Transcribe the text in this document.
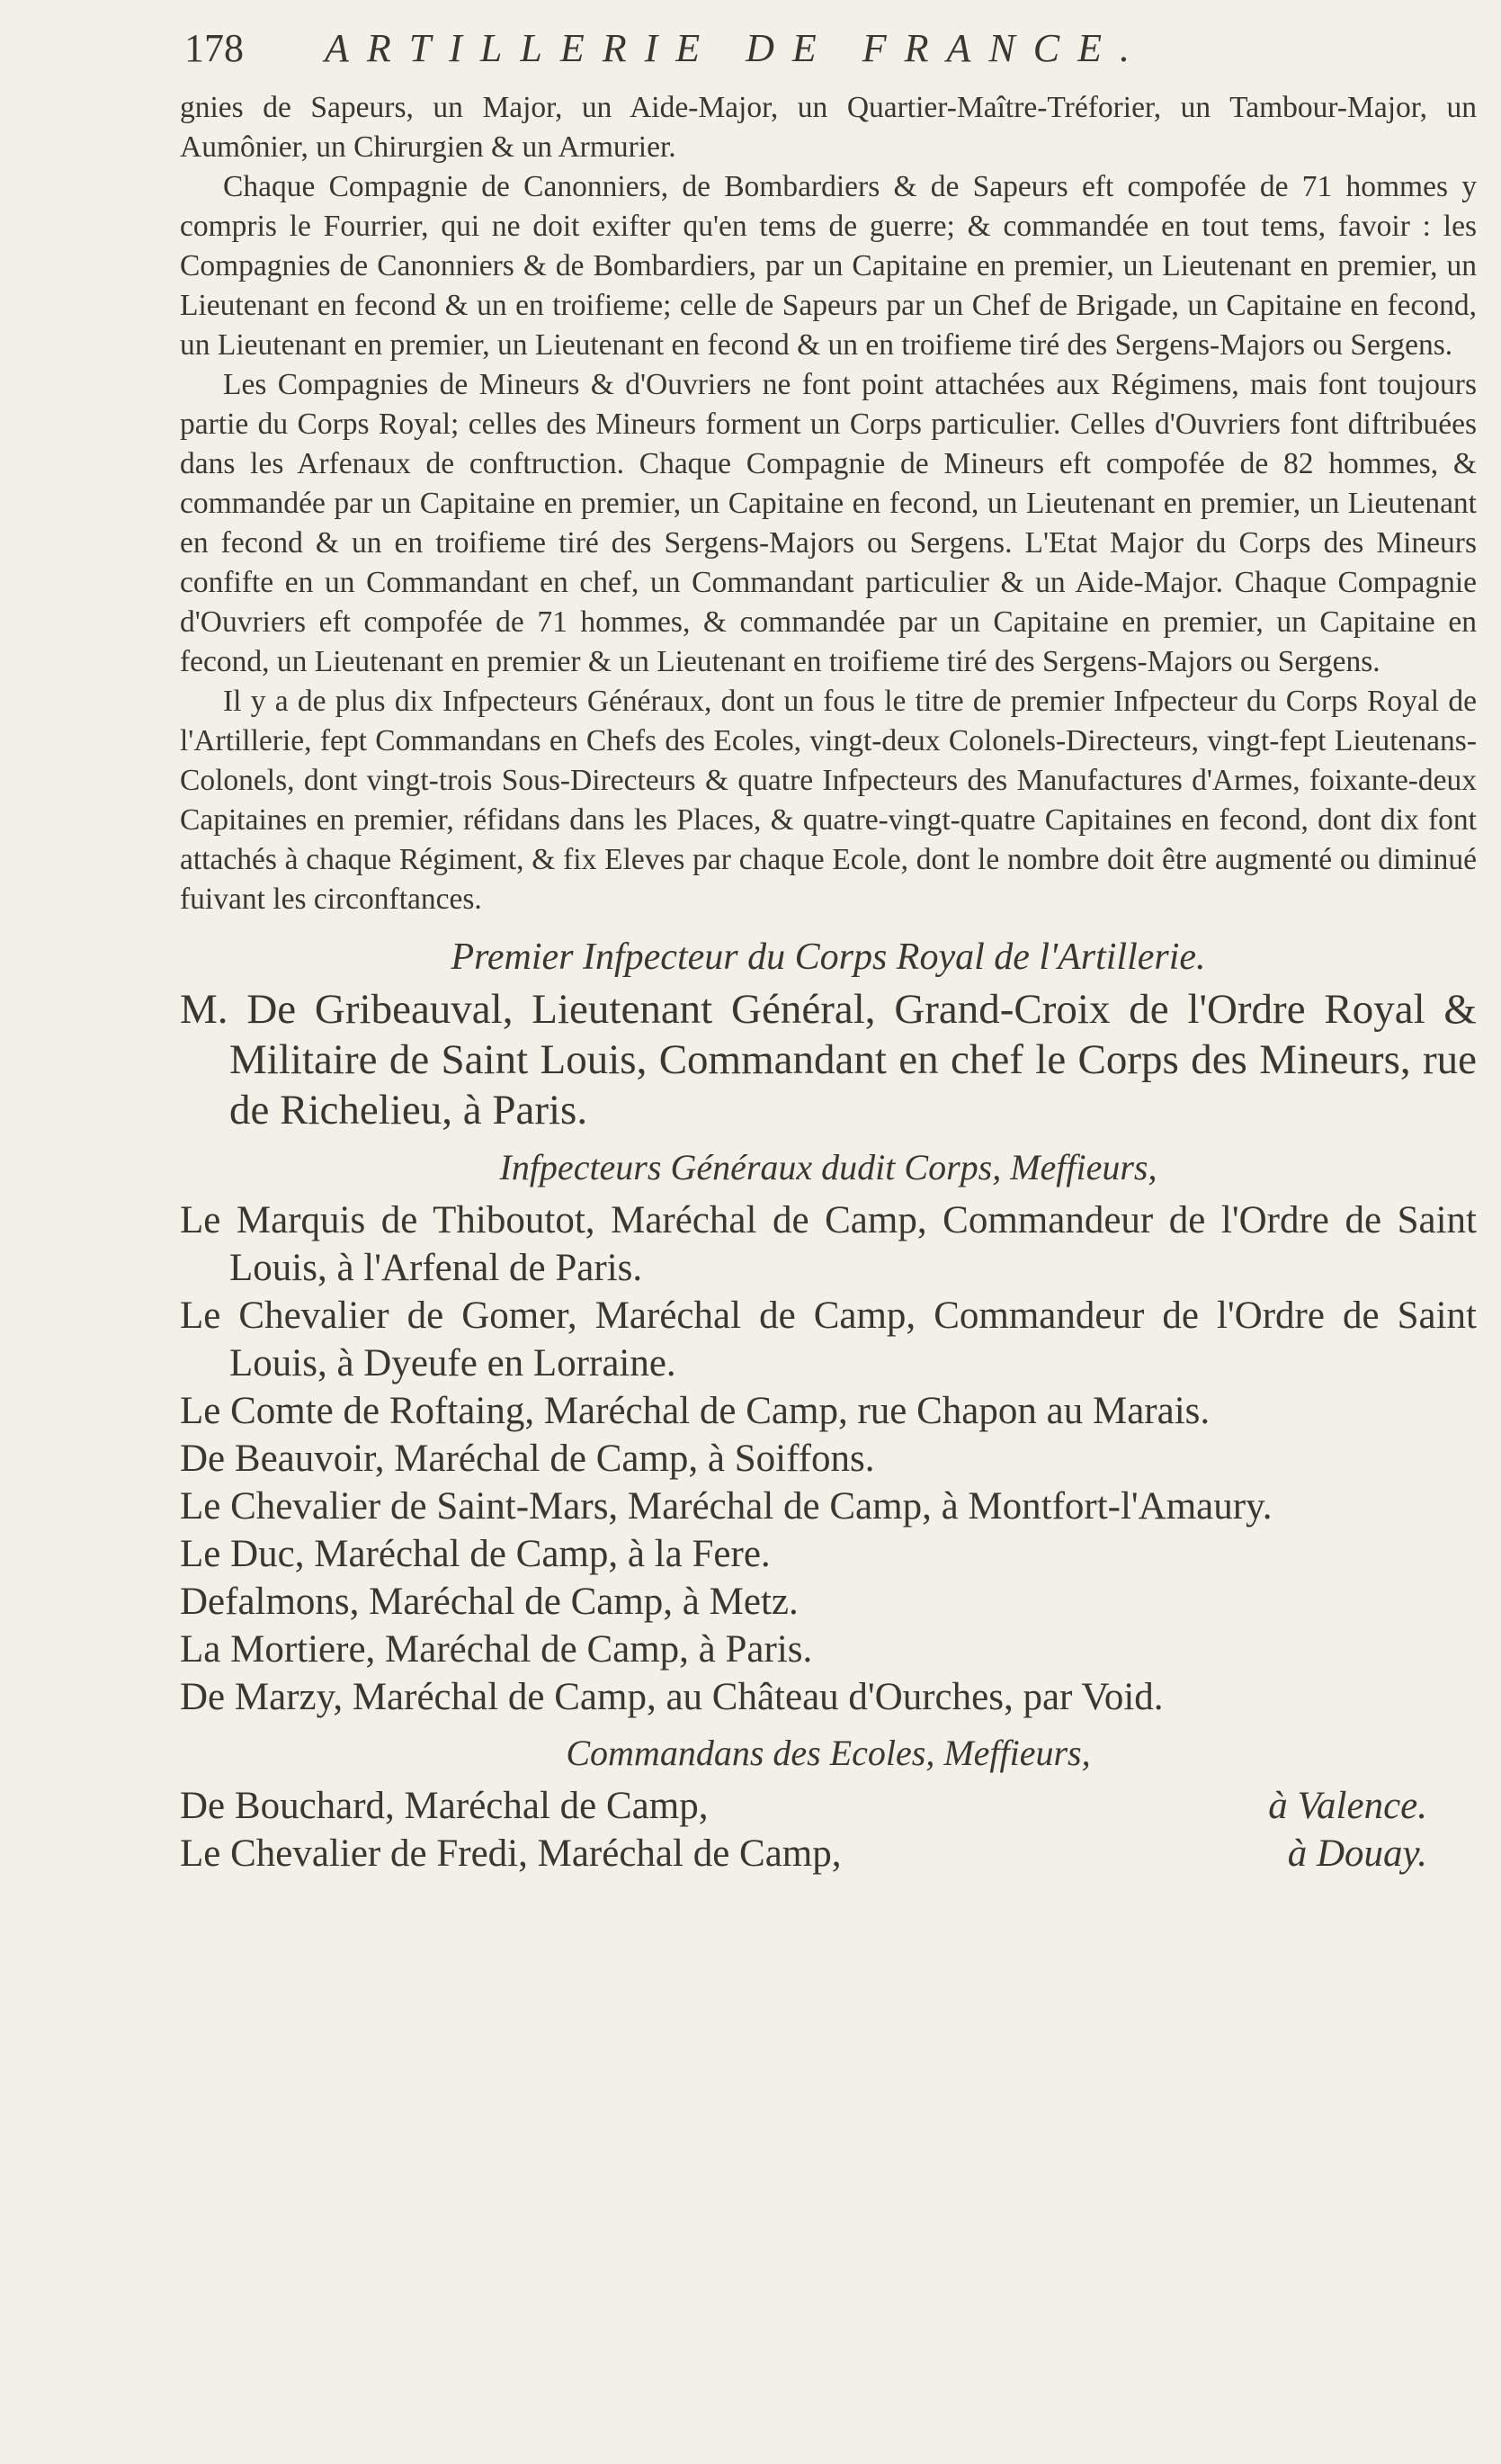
178 ARTILLERIE DE FRANCE.

gnies de Sapeurs, un Major, un Aide-Major, un Quartier-Maître-Tréforier, un Tambour-Major, un Aumônier, un Chirurgien & un Armurier.

Chaque Compagnie de Canonniers, de Bombardiers & de Sapeurs eft compofée de 71 hommes y compris le Fourrier, qui ne doit exifter qu'en tems de guerre; & commandée en tout tems, favoir : les Compagnies de Canonniers & de Bombardiers, par un Capitaine en premier, un Lieutenant en premier, un Lieutenant en fecond & un en troifieme; celle de Sapeurs par un Chef de Brigade, un Capitaine en fecond, un Lieutenant en premier, un Lieutenant en fecond & un en troifieme tiré des Sergens-Majors ou Sergens.

Les Compagnies de Mineurs & d'Ouvriers ne font point attachées aux Régimens, mais font toujours partie du Corps Royal; celles des Mineurs forment un Corps particulier. Celles d'Ouvriers font diftribuées dans les Arfenaux de conftruction. Chaque Compagnie de Mineurs eft compofée de 82 hommes, & commandée par un Capitaine en premier, un Capitaine en fecond, un Lieutenant en premier, un Lieutenant en fecond & un en troifieme tiré des Sergens-Majors ou Sergens. L'Etat Major du Corps des Mineurs confifte en un Commandant en chef, un Commandant particulier & un Aide-Major. Chaque Compagnie d'Ouvriers eft compofée de 71 hommes, & commandée par un Capitaine en premier, un Capitaine en fecond, un Lieutenant en premier & un Lieutenant en troifieme tiré des Sergens-Majors ou Sergens.

Il y a de plus dix Infpecteurs Généraux, dont un fous le titre de premier Infpecteur du Corps Royal de l'Artillerie, fept Commandans en Chefs des Ecoles, vingt-deux Colonels-Directeurs, vingt-fept Lieutenans-Colonels, dont vingt-trois Sous-Directeurs & quatre Infpecteurs des Manufactures d'Armes, foixante-deux Capitaines en premier, réfidans dans les Places, & quatre-vingt-quatre Capitaines en fecond, dont dix font attachés à chaque Régiment, & fix Eleves par chaque Ecole, dont le nombre doit être augmenté ou diminué fuivant les circonftances.

Premier Infpecteur du Corps Royal de l'Artillerie.

M. De Gribeauval, Lieutenant Général, Grand-Croix de l'Ordre Royal & Militaire de Saint Louis, Commandant en chef le Corps des Mineurs, rue de Richelieu, à Paris.

Infpecteurs Généraux dudit Corps, Meffieurs,

Le Marquis de Thiboutot, Maréchal de Camp, Commandeur de l'Ordre de Saint Louis, à l'Arfenal de Paris.

Le Chevalier de Gomer, Maréchal de Camp, Commandeur de l'Ordre de Saint Louis, à Dyeufe en Lorraine.

Le Comte de Roftaing, Maréchal de Camp, rue Chapon au Marais.

De Beauvoir, Maréchal de Camp, à Soiffons.

Le Chevalier de Saint-Mars, Maréchal de Camp, à Montfort-l'Amaury.

Le Duc, Maréchal de Camp, à la Fere.

Defalmons, Maréchal de Camp, à Metz.

La Mortiere, Maréchal de Camp, à Paris.

De Marzy, Maréchal de Camp, au Château d'Ourches, par Void.

Commandans des Ecoles, Meffieurs,
De Bouchard, Maréchal de Camp,	à Valence.
Le Chevalier de Fredi, Maréchal de Camp,	à Douay.
